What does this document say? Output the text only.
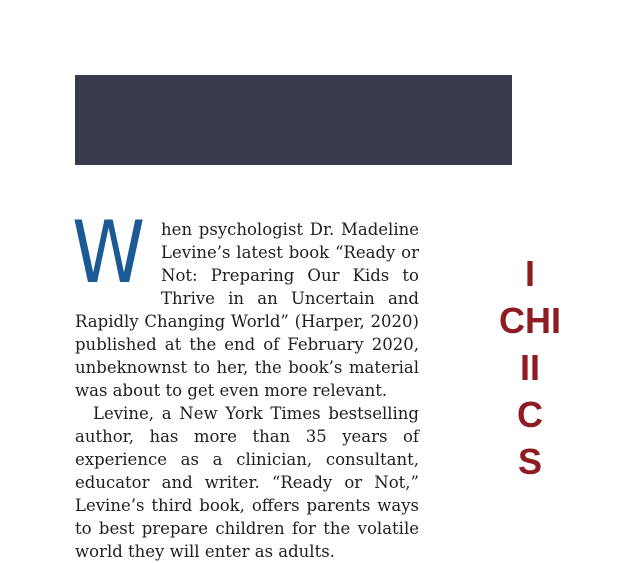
W hen psychologist Dr. Madeline Levine’s latest book “Ready or Not: Preparing Our Kids to Thrive in an Uncertain and Rapidly Changing World” (Harper, 2020) published at the end of February 2020, unbeknownst to her, the book’s material was about to get even more relevant.

Levine, a New York Times bestselling author, has more than 35 years of experience as a clinician, consultant, educator and writer. “Ready or Not,” Levine’s third book, offers parents ways to best prepare children for the volatile world they will enter as adults.

I
CHI
II
C
S
